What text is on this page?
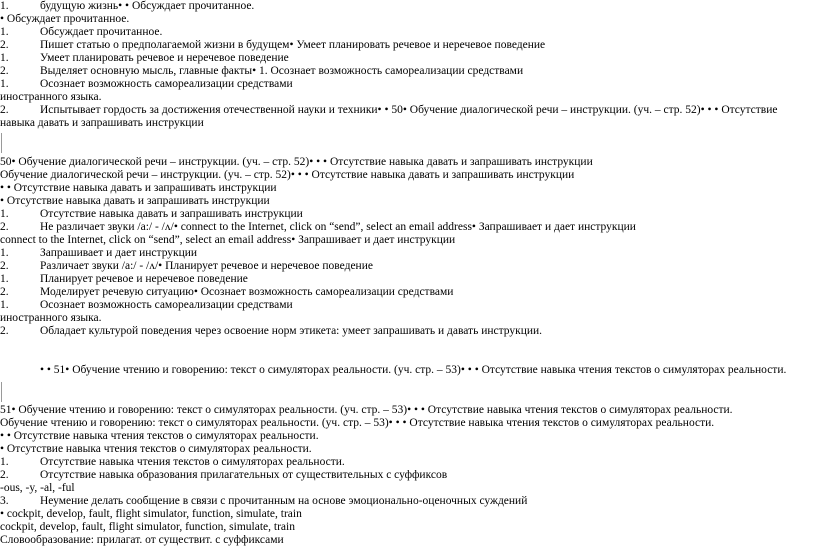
1.	будущую жизнь• • Обсуждает прочитанное.
• Обсуждает прочитанное.
1.	Обсуждает прочитанное.
2.	Пишет статью о предполагаемой жизни в будущем• Умеет планировать речевое и неречевое поведение
1.	Умеет планировать речевое и неречевое поведение
2.	Выделяет основную мысль, главные факты• 1. Осознает возможность самореализации средствами
1.	Осознает возможность самореализации средствами
иностранного языка.
2.	Испытывает гордость за достижения отечественной науки и техники• • 50• Обучение диалогической речи – инструкции. (уч. – стр. 52)• • • Отсутствие
навыка давать и запрашивать инструкции
50• Обучение диалогической речи – инструкции. (уч. – стр. 52)• • • Отсутствие навыка давать и запрашивать инструкции
Обучение диалогической речи – инструкции. (уч. – стр. 52)• • • Отсутствие навыка давать и запрашивать инструкции
• • Отсутствие навыка давать и запрашивать инструкции
• Отсутствие навыка давать и запрашивать инструкции
1.	Отсутствие навыка давать и запрашивать инструкции
2.	Не различает звуки /a:/ - /ʌ/• connect to the Internet, click on “send”, select an email address• Запрашивает и дает инструкции
connect to the Internet, click on “send”, select an email address• Запрашивает и дает инструкции
1.	Запрашивает и дает инструкции
2.	Различает звуки /a:/ - /ʌ/• Планирует речевое и неречевое поведение
1.	Планирует речевое и неречевое поведение
2.	Моделирует речевую ситуацию• Осознает возможность самореализации средствами
1.	Осознает возможность самореализации средствами
иностранного языка.
2.	Обладает культурой поведения через освоение норм этикета: умеет запрашивать и давать инструкции.
• • 51• Обучение чтению и говорению: текст о симуляторах реальности. (уч. стр. – 53)• • • Отсутствие навыка чтения текстов о симуляторах реальности.
51• Обучение чтению и говорению: текст о симуляторах реальности. (уч. стр. – 53)• • • Отсутствие навыка чтения текстов о симуляторах реальности.
Обучение чтению и говорению: текст о симуляторах реальности. (уч. стр. – 53)• • • Отсутствие навыка чтения текстов о симуляторах реальности.
• • Отсутствие навыка чтения текстов о симуляторах реальности.
• Отсутствие навыка чтения текстов о симуляторах реальности.
1.	Отсутствие навыка чтения текстов о симуляторах реальности.
2.	Отсутствие навыка образования прилагательных от существительных с суффиксов
-ous, -y, -al, -ful
3.	Неумение делать сообщение в связи с прочитанным на основе эмоционально-оценочных суждений
• cockpit, develop, fault, flight simulator, function, simulate, train
cockpit, develop, fault, flight simulator, function, simulate, train
Словообразование: прилагат. от существит. с суффиксами
